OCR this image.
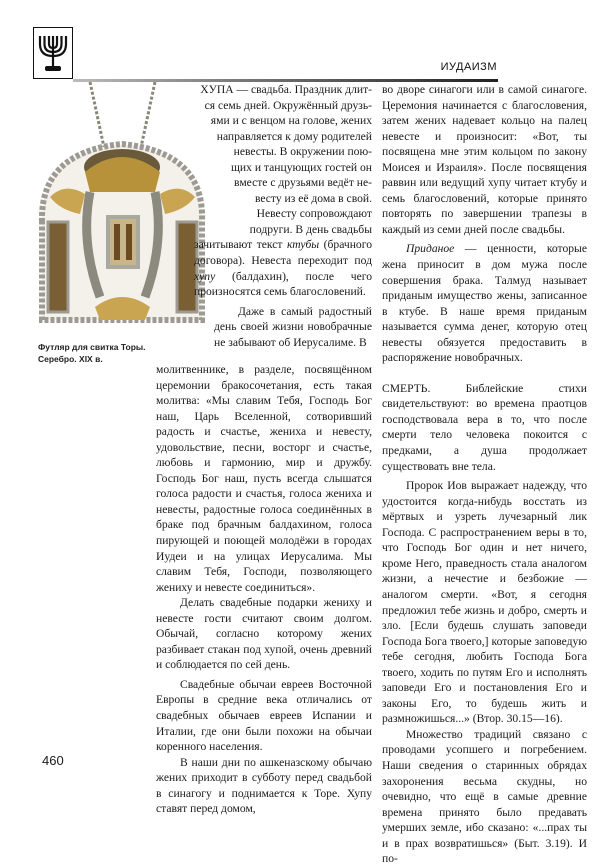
ИУДАИЗМ
Футляр для свитка Торы.
Серебро. XIX в.
ХУПА — свадьба. Праздник длит-
ся семь дней. Окружённый друзь-
ями и с венцом на голове, жених
направляется к дому родителей
невесты. В окружении пою-
щих и танцующих гостей он
вместе с друзьями ведёт не-
весту из её дома в свой.
Невесту сопровождают
подруги. В день свадьбы

зачитывают текст ктубы (брачного договора). Невеста переходит под хупу (балдахин), после чего произносятся семь благословений.

Даже в самый радостный день своей жизни новобрачные не забывают об Иерусалиме. В

молитвеннике, в разделе, посвящённом церемонии бракосочетания, есть такая молитва: «Мы славим Тебя, Господь Бог наш, Царь Вселенной, сотворивший радость и счастье, жениха и невесту, удовольствие, песни, восторг и счастье, любовь и гармонию, мир и дружбу. Господь Бог наш, пусть всегда слышатся голоса радости и счастья, голоса жениха и невесты, радостные голоса соединённых в браке под брачным балдахином, голоса пирующей и поющей молодёжи в городах Иудеи и на улицах Иерусалима. Мы славим Тебя, Господи, позволяющего жениху и невесте соединиться».

Делать свадебные подарки жениху и невесте гости считают своим долгом. Обычай, согласно которому жених разбивает стакан под хупой, очень древний и соблюдается по сей день.

Свадебные обычаи евреев Восточной Европы в средние века отличались от свадебных обычаев евреев Испании и Италии, где они были похожи на обычаи коренного населения.

В наши дни по ашкеназскому обычаю жених приходит в субботу перед свадьбой в синагогу и поднимается к Торе. Хупу ставят перед домом,

во дворе синагоги или в самой синагоге. Церемония начинается с благословения, затем жених надевает кольцо на палец невесте и произносит: «Вот, ты посвящена мне этим кольцом по закону Моисея и Израиля». После посвящения раввин или ведущий хупу читает ктубу и семь благословений, которые принято повторять по завершении трапезы в каждый из семи дней после свадьбы.

Приданое — ценности, которые жена приносит в дом мужа после совершения брака. Талмуд называет приданым имущество жены, записанное в ктубе. В наше время приданым называется сумма денег, которую отец невесты обязуется предоставить в распоряжение новобрачных.

СМЕРТЬ. Библейские стихи свидетельствуют: во времена праотцов господствовала вера в то, что после смерти тело человека покоится с предками, а душа продолжает существовать вне тела.

Пророк Иов выражает надежду, что удостоится когда-нибудь восстать из мёртвых и узреть лучезарный лик Господа. С распространением веры в то, что Господь Бог один и нет ничего, кроме Него, праведность стала аналогом жизни, а нечестие и безбожие — аналогом смерти. «Вот, я сегодня предложил тебе жизнь и добро, смерть и зло. [Если будешь слушать заповеди Господа Бога твоего,] которые заповедую тебе сегодня, любить Господа Бога твоего, ходить по путям Его и исполнять заповеди Его и постановления Его и законы Его, то будешь жить и размножишься...» (Втор. 30.15—16).

Множество традиций связано с проводами усопшего и погребением. Наши сведения о старинных обрядах захоронения весьма скудны, но очевидно, что ещё в самые древние времена принято было предавать умерших земле, ибо сказано: «...прах ты и в прах возвратишься» (Быт. 3.19). И по-

460
